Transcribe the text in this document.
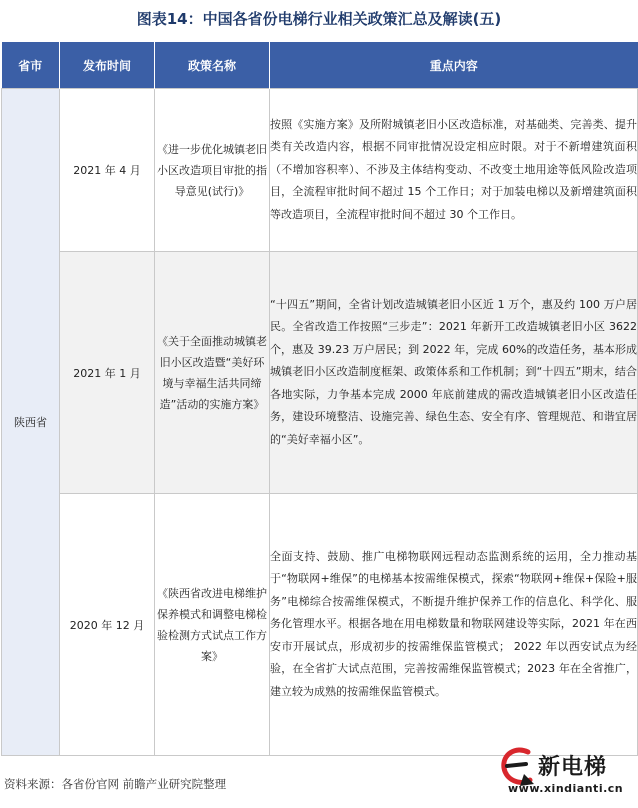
图表14：中国各省份电梯行业相关政策汇总及解读(五)
省市	发布时间	政策名称	重点内容
陕西省	2021 年 4 月	《进一步优化城镇老旧小区改造项目审批的指导意见(试行)》	按照《实施方案》及所附城镇老旧小区改造标准，对基础类、完善类、提升类有关改造内容，根据不同审批情况设定相应时限。对于不新增建筑面积（不增加容积率）、不涉及主体结构变动、不改变土地用途等低风险改造项目，全流程审批时间不超过 15 个工作日；对于加装电梯以及新增建筑面积等改造项目，全流程审批时间不超过 30 个工作日。
	2021 年 1 月	《关于全面推动城镇老旧小区改造暨“美好环境与幸福生活共同缔造”活动的实施方案》	“十四五”期间，全省计划改造城镇老旧小区近 1 万个，惠及约 100 万户居民。全省改造工作按照“三步走”：2021 年新开工改造城镇老旧小区 3622 个，惠及 39.23 万户居民；到 2022 年，完成 60%的改造任务，基本形成城镇老旧小区改造制度框架、政策体系和工作机制；到“十四五”期末，结合各地实际，力争基本完成 2000 年底前建成的需改造城镇老旧小区改造任务，建设环境整洁、设施完善、绿色生态、安全有序、管理规范、和谐宜居的“美好幸福小区”。
	2020 年 12 月	《陕西省改进电梯维护保养模式和调整电梯检验检测方式试点工作方案》	全面支持、鼓励、推广电梯物联网远程动态监测系统的运用，全力推动基于“物联网+维保”的电梯基本按需维保模式，探索“物联网+维保+保险+服务”电梯综合按需维保模式，不断提升维护保养工作的信息化、科学化、服务化管理水平。根据各地在用电梯数量和物联网建设等实际，2021 年在西安市开展试点，形成初步的按需维保监管模式； 2022 年以西安试点为经验，在全省扩大试点范围，完善按需维保监管模式；2023 年在全省推广，建立较为成熟的按需维保监管模式。
资料来源：各省份官网 前瞻产业研究院整理
新电梯
www.xindianti.cn
